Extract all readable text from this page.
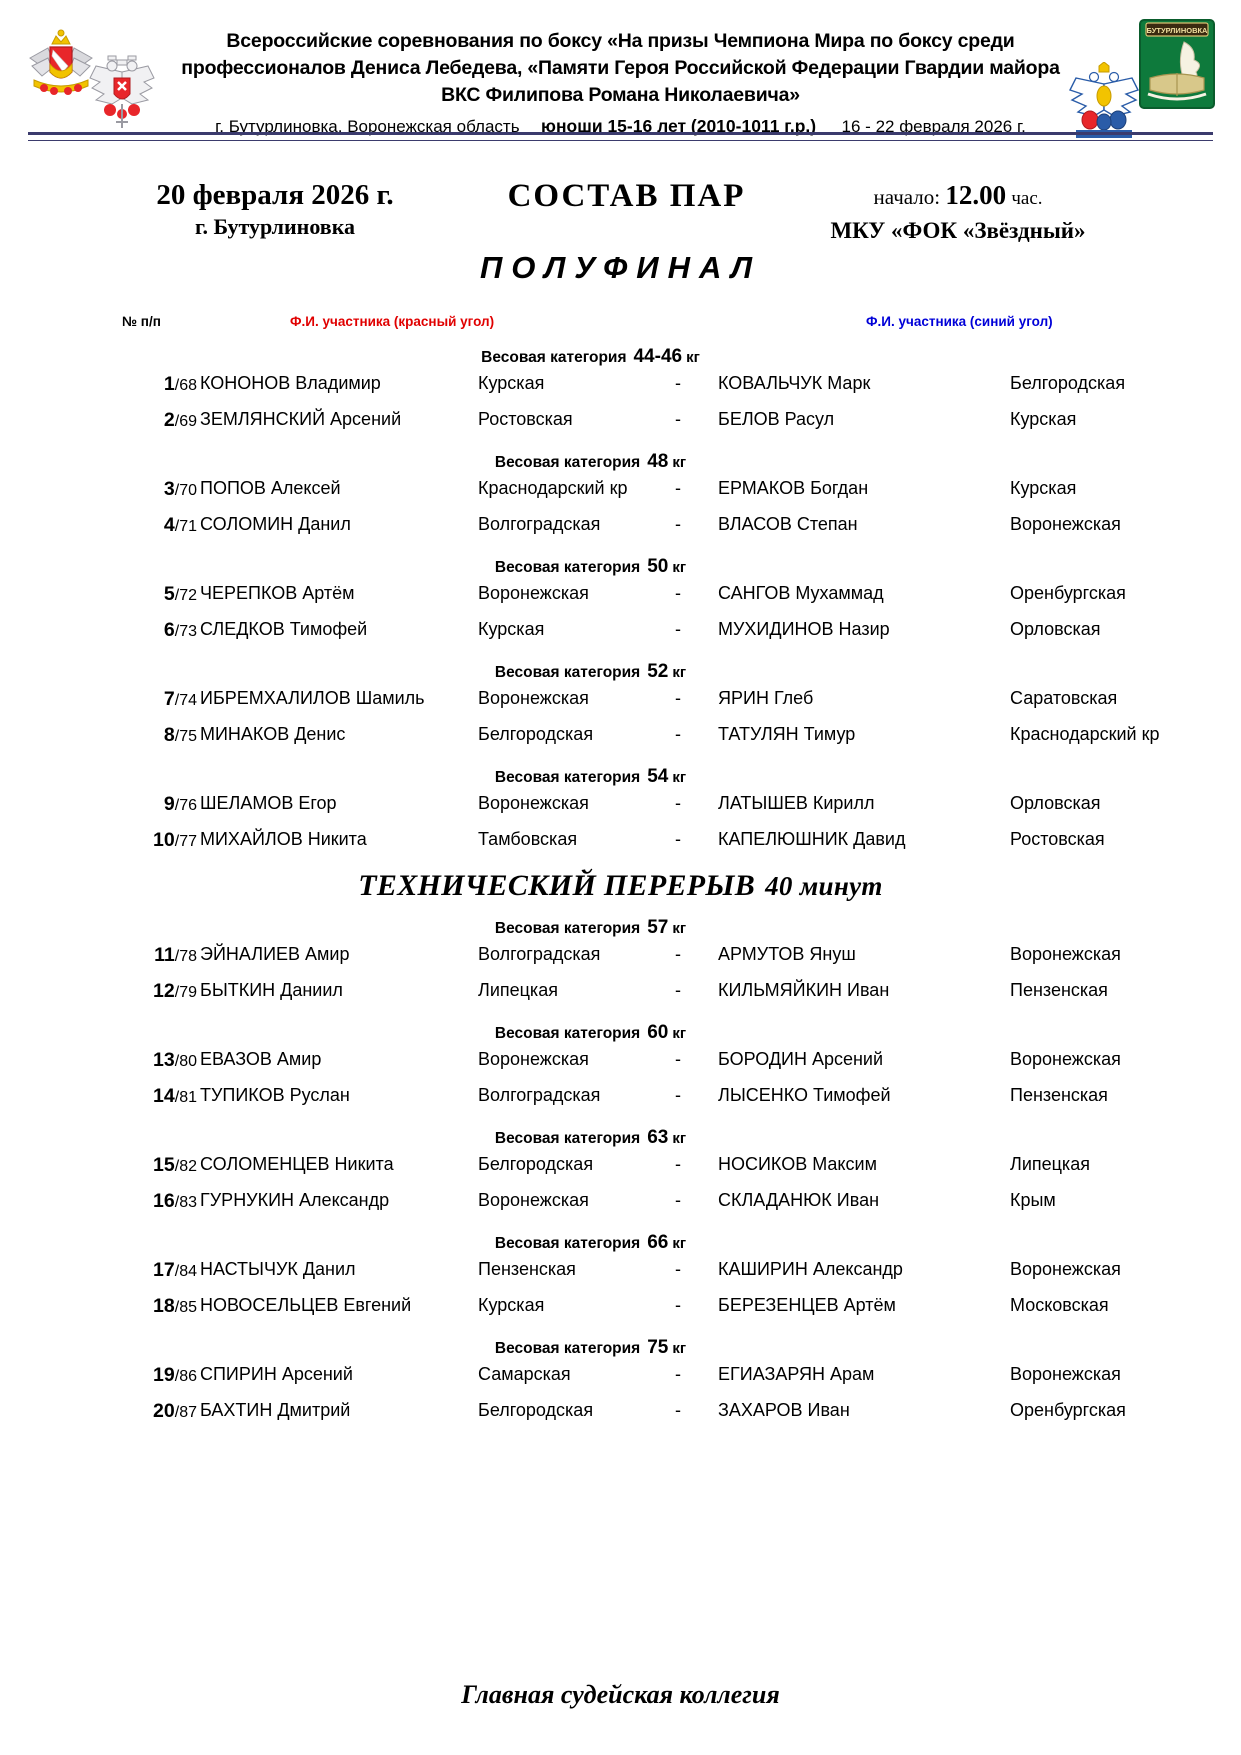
БУТУРЛИНОВКА
Всероссийские соревнования по боксу «На призы Чемпиона Мира по боксу среди
профессионалов Дениса Лебедева, «Памяти Героя Российской Федерации Гвардии майора
ВКС Филипова Романа Николаевича»
г. Бутурлиновка, Воронежская область юноши 15-16 лет (2010-1011 г.р.) 16 - 22 февраля 2026 г.
20 февраля 2026 г.
г. Бутурлиновка
СОСТАВ ПАР	начало: 12.00 час.
МКУ «ФОК «Звёздный»
ПОЛУФИНАЛ
№ п/п	Ф.И. участника (красный угол)	Ф.И. участника (синий угол)
Весовая категория 44-46 кг
1/68 КОНОНОВ Владимир	Курская	- КОВАЛЬЧУК Марк	Белгородская
2/69 ЗЕМЛЯНСКИЙ Арсений	Ростовская	- БЕЛОВ Расул	Курская
Весовая категория 48 кг
3/70 ПОПОВ Алексей	Краснодарский кр	- ЕРМАКОВ Богдан	Курская
4/71 СОЛОМИН Данил	Волгоградская	- ВЛАСОВ Степан	Воронежская
Весовая категория 50 кг
5/72 ЧЕРЕПКОВ Артём	Воронежская	- САНГОВ Мухаммад	Оренбургская
6/73 СЛЕДКОВ Тимофей	Курская	- МУХИДИНОВ Назир	Орловская
Весовая категория 52 кг
7/74 ИБРЕМХАЛИЛОВ Шамиль	Воронежская	- ЯРИН Глеб	Саратовская
8/75 МИНАКОВ Денис	Белгородская	- ТАТУЛЯН Тимур	Краснодарский кр
Весовая категория 54 кг
9/76 ШЕЛАМОВ Егор	Воронежская	- ЛАТЫШЕВ Кирилл	Орловская
10/77 МИХАЙЛОВ Никита	Тамбовская	- КАПЕЛЮШНИК Давид	Ростовская
ТЕХНИЧЕСКИЙ ПЕРЕРЫВ 40 минут
Весовая категория 57 кг
11/78 ЭЙНАЛИЕВ Амир	Волгоградская	- АРМУТОВ Януш	Воронежская
12/79 БЫТКИН Даниил	Липецкая	- КИЛЬМЯЙКИН Иван	Пензенская
Весовая категория 60 кг
13/80 ЕВАЗОВ Амир	Воронежская	- БОРОДИН Арсений	Воронежская
14/81 ТУПИКОВ Руслан	Волгоградская	- ЛЫСЕНКО Тимофей	Пензенская
Весовая категория 63 кг
15/82 СОЛОМЕНЦЕВ Никита	Белгородская	- НОСИКОВ Максим	Липецкая
16/83 ГУРНУКИН Александр	Воронежская	- СКЛАДАНЮК Иван	Крым
Весовая категория 66 кг
17/84 НАСТЫЧУК Данил	Пензенская	- КАШИРИН Александр	Воронежская
18/85 НОВОСЕЛЬЦЕВ Евгений	Курская	- БЕРЕЗЕНЦЕВ Артём	Московская
Весовая категория 75 кг
19/86 СПИРИН Арсений	Самарская	- ЕГИАЗАРЯН Арам	Воронежская
20/87 БАХТИН Дмитрий	Белгородская	- ЗАХАРОВ Иван	Оренбургская
Главная судейская коллегия
